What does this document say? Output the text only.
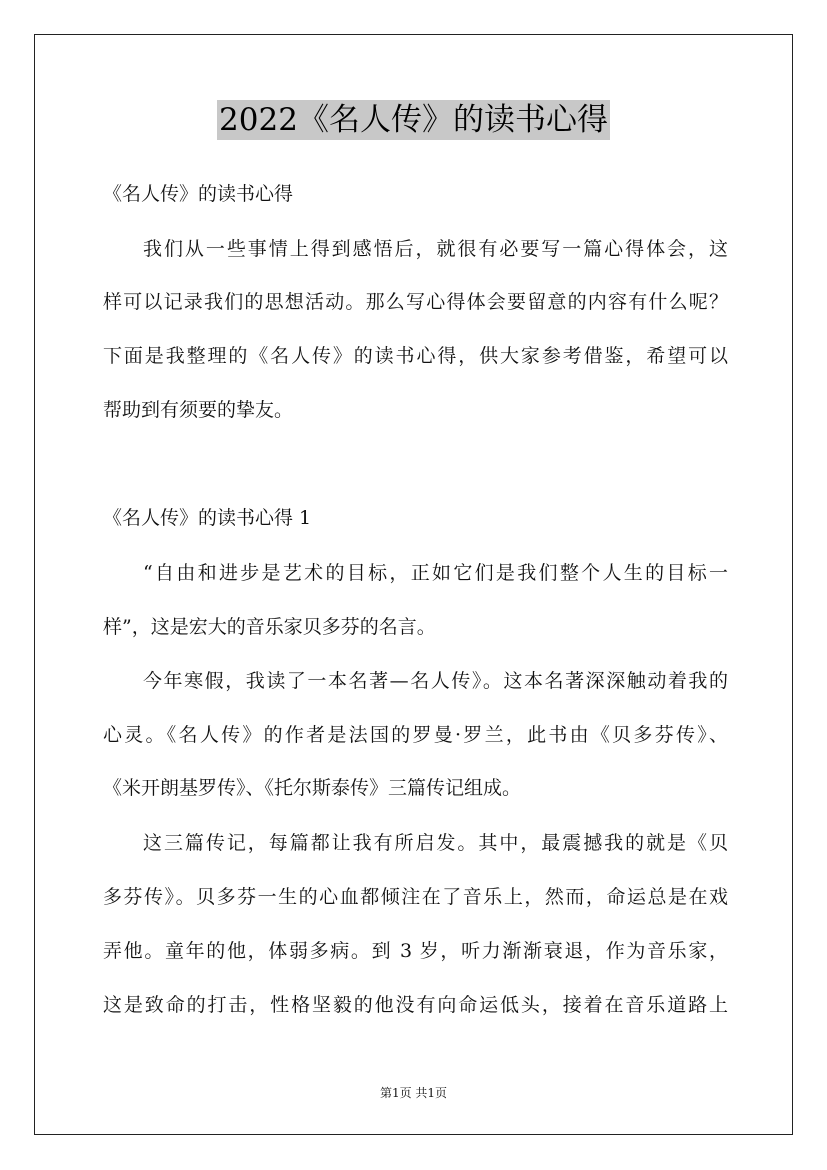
2022《名人传》的读书心得
《名人传》的读书心得
我们从一些事情上得到感悟后，就很有必要写一篇心得体会，这
样可以记录我们的思想活动。那么写心得体会要留意的内容有什么呢？
下面是我整理的《名人传》的读书心得，供大家参考借鉴，希望可以
帮助到有须要的挚友。
《名人传》的读书心得 1
“自由和进步是艺术的目标，正如它们是我们整个人生的目标一
样”，这是宏大的音乐家贝多芬的名言。
今年寒假，我读了一本名著—名人传》。这本名著深深触动着我的
心灵。《名人传》的作者是法国的罗曼·罗兰，此书由《贝多芬传》、
《米开朗基罗传》、《托尔斯泰传》三篇传记组成。
这三篇传记，每篇都让我有所启发。其中，最震撼我的就是《贝
多芬传》。贝多芬一生的心血都倾注在了音乐上，然而，命运总是在戏
弄他。童年的他，体弱多病。到 3 岁，听力渐渐衰退，作为音乐家，
这是致命的打击，性格坚毅的他没有向命运低头，接着在音乐道路上
第1页 共1页
